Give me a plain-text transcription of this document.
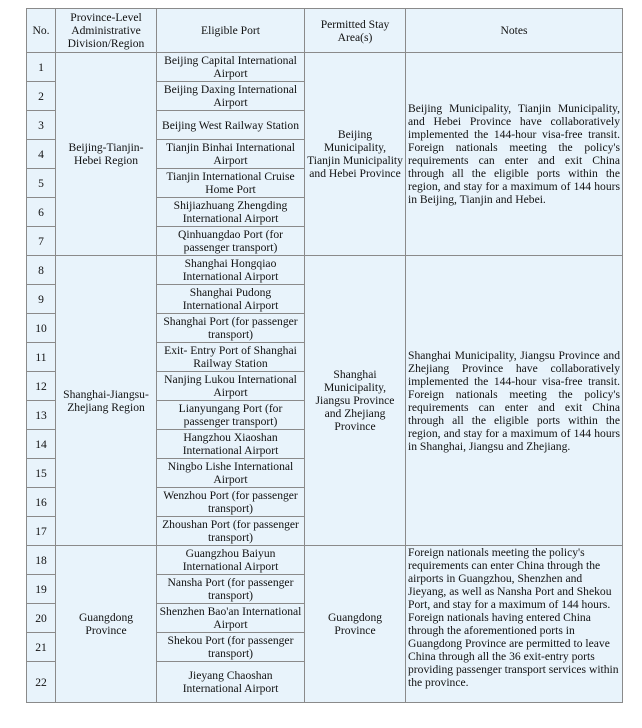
No.	Province-Level Administrative Division/Region	Eligible Port	Permitted Stay Area(s)	Notes
1	Beijing-Tianjin-Hebei Region	Beijing Capital International Airport	Beijing Municipality, Tianjin Municipality and Hebei Province	Beijing Municipality, Tianjin Municipality, and Hebei Province have collaboratively implemented the 144-hour visa-free transit. Foreign nationals meeting the policy's requirements can enter and exit China through all the eligible ports within the region, and stay for a maximum of 144 hours in Beijing, Tianjin and Hebei.
2		Beijing Daxing International Airport		
3		Beijing West Railway Station		
4		Tianjin Binhai International Airport		
5		Tianjin International Cruise Home Port		
6		Shijiazhuang Zhengding International Airport		
7		Qinhuangdao Port (for passenger transport)		
8	Shanghai-Jiangsu-Zhejiang Region	Shanghai Hongqiao International Airport	Shanghai Municipality, Jiangsu Province and Zhejiang Province	Shanghai Municipality, Jiangsu Province and Zhejiang Province have collaboratively implemented the 144-hour visa-free transit. Foreign nationals meeting the policy's requirements can enter and exit China through all the eligible ports within the region, and stay for a maximum of 144 hours in Shanghai, Jiangsu and Zhejiang.
9		Shanghai Pudong International Airport		
10		Shanghai Port (for passenger transport)		
11		Exit- Entry Port of Shanghai Railway Station		
12		Nanjing Lukou International Airport		
13		Lianyungang Port (for passenger transport)		
14		Hangzhou Xiaoshan International Airport		
15		Ningbo Lishe International Airport		
16		Wenzhou Port (for passenger transport)		
17		Zhoushan Port (for passenger transport)		
18	Guangdong Province	Guangzhou Baiyun International Airport	Guangdong Province	Foreign nationals meeting the policy's requirements can enter China through the airports in Guangzhou, Shenzhen and Jieyang, as well as Nansha Port and Shekou Port, and stay for a maximum of 144 hours. Foreign nationals having entered China through the aforementioned ports in Guangdong Province are permitted to leave China through all the 36 exit-entry ports providing passenger transport services within the province.
19		Nansha Port (for passenger transport)		
20		Shenzhen Bao'an International Airport		
21		Shekou Port (for passenger transport)		
22		Jieyang Chaoshan International Airport		
